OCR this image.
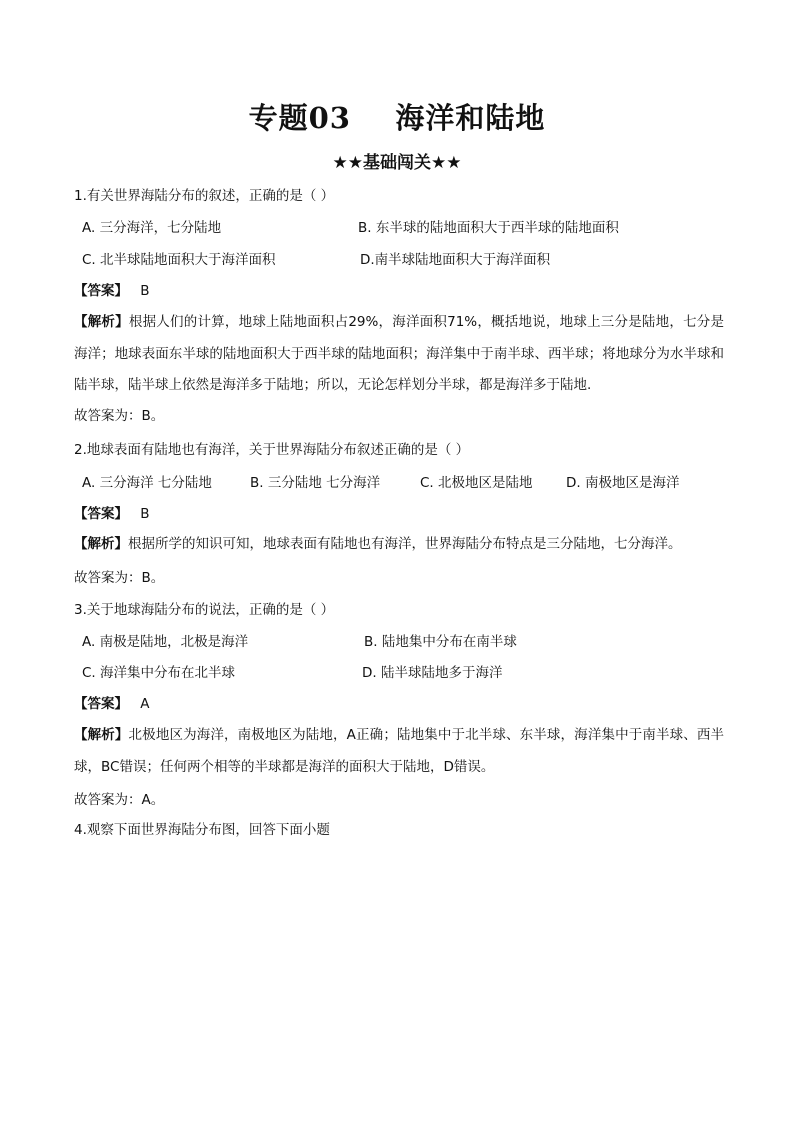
专题03    海洋和陆地
★★基础闯关★★
1.有关世界海陆分布的叙述，正确的是（ ）
A. 三分海洋，七分陆地	B. 东半球的陆地面积大于西半球的陆地面积
C. 北半球陆地面积大于海洋面积	D.南半球陆地面积大于海洋面积
【答案】 B

【解析】根据人们的计算，地球上陆地面积占29%，海洋面积71%，概括地说，地球上三分是陆地，七分是海洋；地球表面东半球的陆地面积大于西半球的陆地面积；海洋集中于南半球、西半球；将地球分为水半球和陆半球，陆半球上依然是海洋多于陆地；所以，无论怎样划分半球，都是海洋多于陆地.

故答案为：B。
2.地球表面有陆地也有海洋，关于世界海陆分布叙述正确的是（ ）
A. 三分海洋 七分陆地	B. 三分陆地 七分海洋	C. 北极地区是陆地 D. 南极地区是海洋
【答案】 B

【解析】根据所学的知识可知，地球表面有陆地也有海洋，世界海陆分布特点是三分陆地，七分海洋。

故答案为：B。
3.关于地球海陆分布的说法，正确的是（ ）
A. 南极是陆地，北极是海洋	B. 陆地集中分布在南半球
C. 海洋集中分布在北半球	D. 陆半球陆地多于海洋
【答案】 A

【解析】北极地区为海洋，南极地区为陆地，A正确；陆地集中于北半球、东半球，海洋集中于南半球、西半球，BC错误；任何两个相等的半球都是海洋的面积大于陆地，D错误。

故答案为：A。
4.观察下面世界海陆分布图，回答下面小题
